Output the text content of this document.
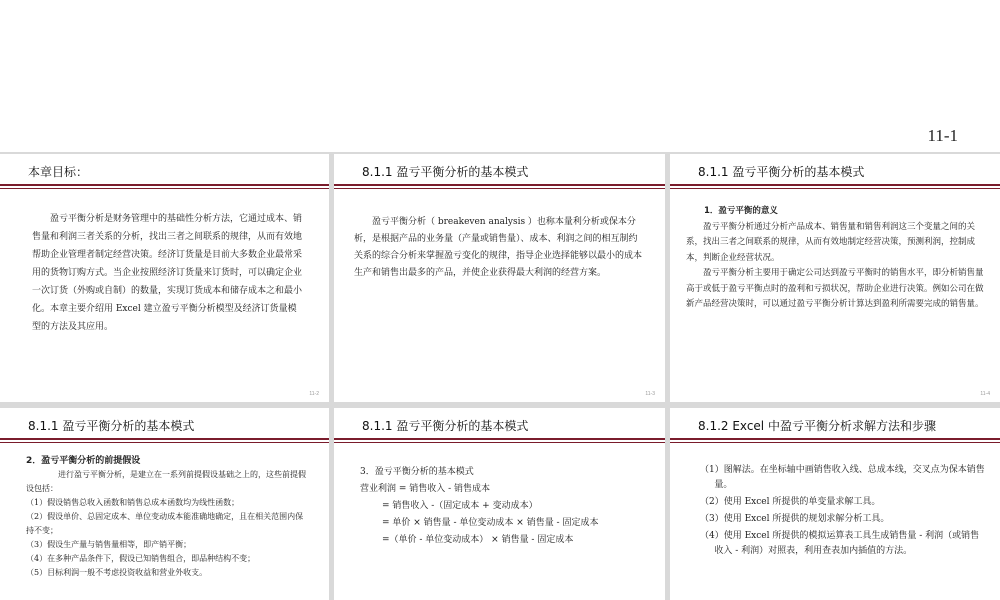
11-1
本章目标：

盈亏平衡分析是财务管理中的基础性分析方法，它通过成本、销售量和利润三者关系的分析，找出三者之间联系的规律，从而有效地帮助企业管理者制定经营决策。经济订货量是目前大多数企业最常采用的货物订购方式。当企业按照经济订货量来订货时，可以确定企业一次订货（外购或自制）的数量，实现订货成本和储存成本之和最小化。本章主要介绍用 Excel 建立盈亏平衡分析模型及经济订货量模型的方法及其应用。

11-2
8.1.1 盈亏平衡分析的基本模式

盈亏平衡分析（ breakeven analysis ）也称本量利分析或保本分析，是根据产品的业务量（产量或销售量）、成本、利润之间的相互制约关系的综合分析来掌握盈亏变化的规律，指导企业选择能够以最小的成本生产和销售出最多的产品，并使企业获得最大利润的经营方案。

11-3
8.1.1 盈亏平衡分析的基本模式

1．盈亏平衡的意义

盈亏平衡分析通过分析产品成本、销售量和销售利润这三个变量之间的关系，找出三者之间联系的规律，从而有效地制定经营决策，预测利润，控制成本，判断企业经营状况。

盈亏平衡分析主要用于确定公司达到盈亏平衡时的销售水平，即分析销售量高于或低于盈亏平衡点时的盈利和亏损状况，帮助企业进行决策。例如公司在做新产品经营决策时，可以通过盈亏平衡分析计算达到盈利所需要完成的销售量。

11-4
8.1.1 盈亏平衡分析的基本模式

2．盈亏平衡分析的前提假设

进行盈亏平衡分析，是建立在一系列前提假设基础之上的，这些前提假设包括：

（1）假设销售总收入函数和销售总成本函数均为线性函数；

（2）假设单价、总固定成本、单位变动成本能准确地确定，且在相关范围内保持不变；

（3）假设生产量与销售量相等，即产销平衡；

（4）在多种产品条件下，假设已知销售组合，即品种结构不变；

（5）目标利润一般不考虑投资收益和营业外收支。

8.1.1 盈亏平衡分析的基本模式

3．盈亏平衡分析的基本模式

营业利润 = 销售收入 - 销售成本

= 销售收入 -（固定成本 + 变动成本）

= 单价 × 销售量 - 单位变动成本 × 销售量 - 固定成本

=（单价 - 单位变动成本） × 销售量 - 固定成本

8.1.2 Excel 中盈亏平衡分析求解方法和步骤

（1）图解法。在坐标轴中画销售收入线、总成本线，交叉点为保本销售量。

（2）使用 Excel 所提供的单变量求解工具。

（3）使用 Excel 所提供的规划求解分析工具。

（4）使用 Excel 所提供的模拟运算表工具生成销售量 - 利润（或销售收入 - 利润）对照表，利用查表加内插值的方法。
